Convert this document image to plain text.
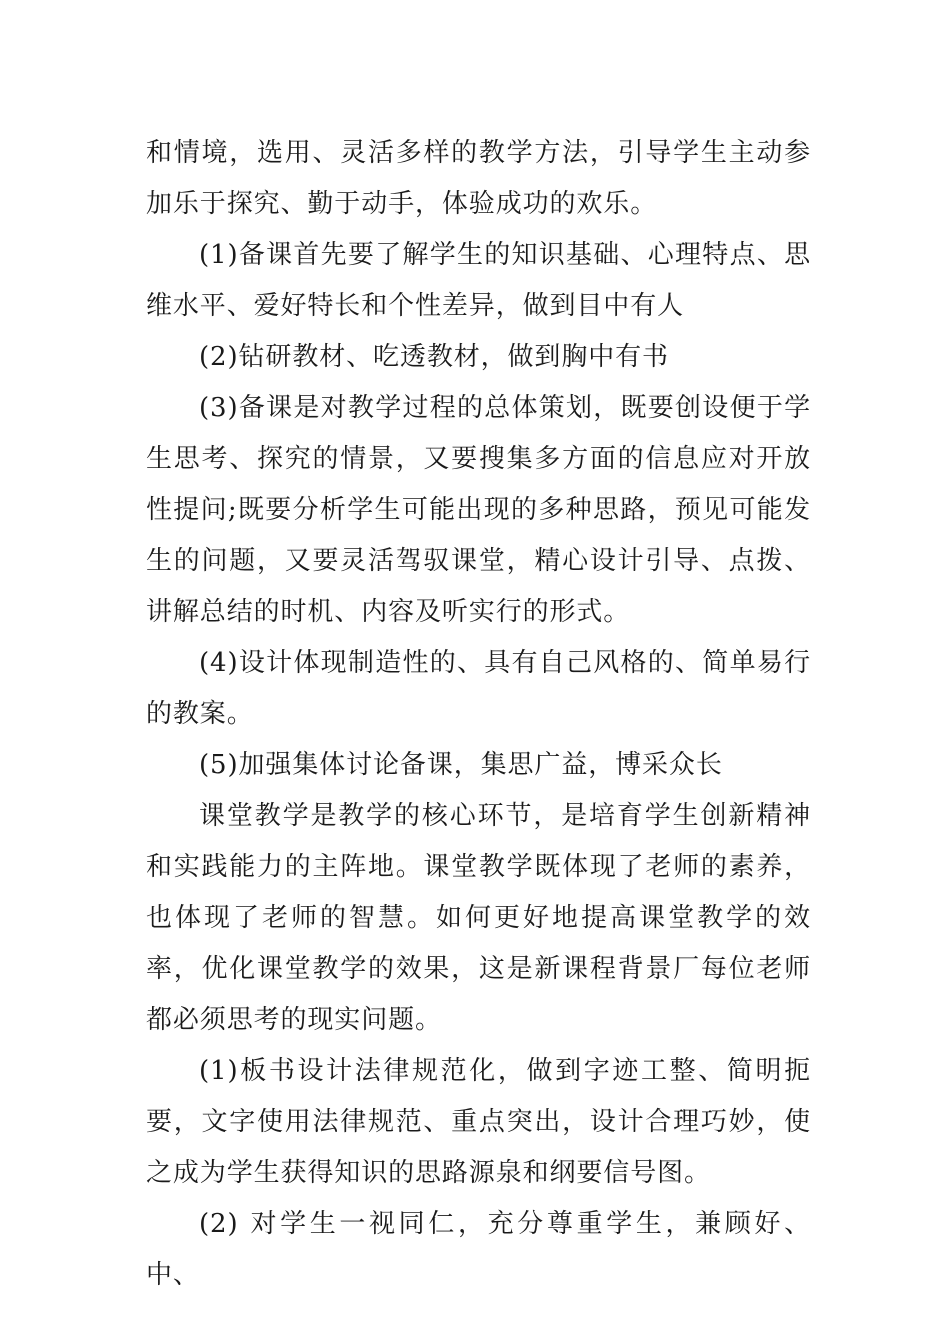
和情境，选用、灵活多样的教学方法，引导学生主动参加乐于探究、勤于动手，体验成功的欢乐。

(1)备课首先要了解学生的知识基础、心理特点、思维水平、爱好特长和个性差异，做到目中有人

(2)钻研教材、吃透教材，做到胸中有书

(3)备课是对教学过程的总体策划，既要创设便于学生思考、探究的情景，又要搜集多方面的信息应对开放性提问;既要分析学生可能出现的多种思路，预见可能发生的问题，又要灵活驾驭课堂，精心设计引导、点拨、讲解总结的时机、内容及听实行的形式。

(4)设计体现制造性的、具有自己风格的、简单易行的教案。

(5)加强集体讨论备课，集思广益，博采众长

课堂教学是教学的核心环节，是培育学生创新精神和实践能力的主阵地。课堂教学既体现了老师的素养，也体现了老师的智慧。如何更好地提高课堂教学的效率，优化课堂教学的效果，这是新课程背景厂每位老师都必须思考的现实问题。

(1)板书设计法律规范化，做到字迹工整、简明扼要，文字使用法律规范、重点突出，设计合理巧妙，使之成为学生获得知识的思路源泉和纲要信号图。

(2) 对学生一视同仁，充分尊重学生，兼顾好、中、
